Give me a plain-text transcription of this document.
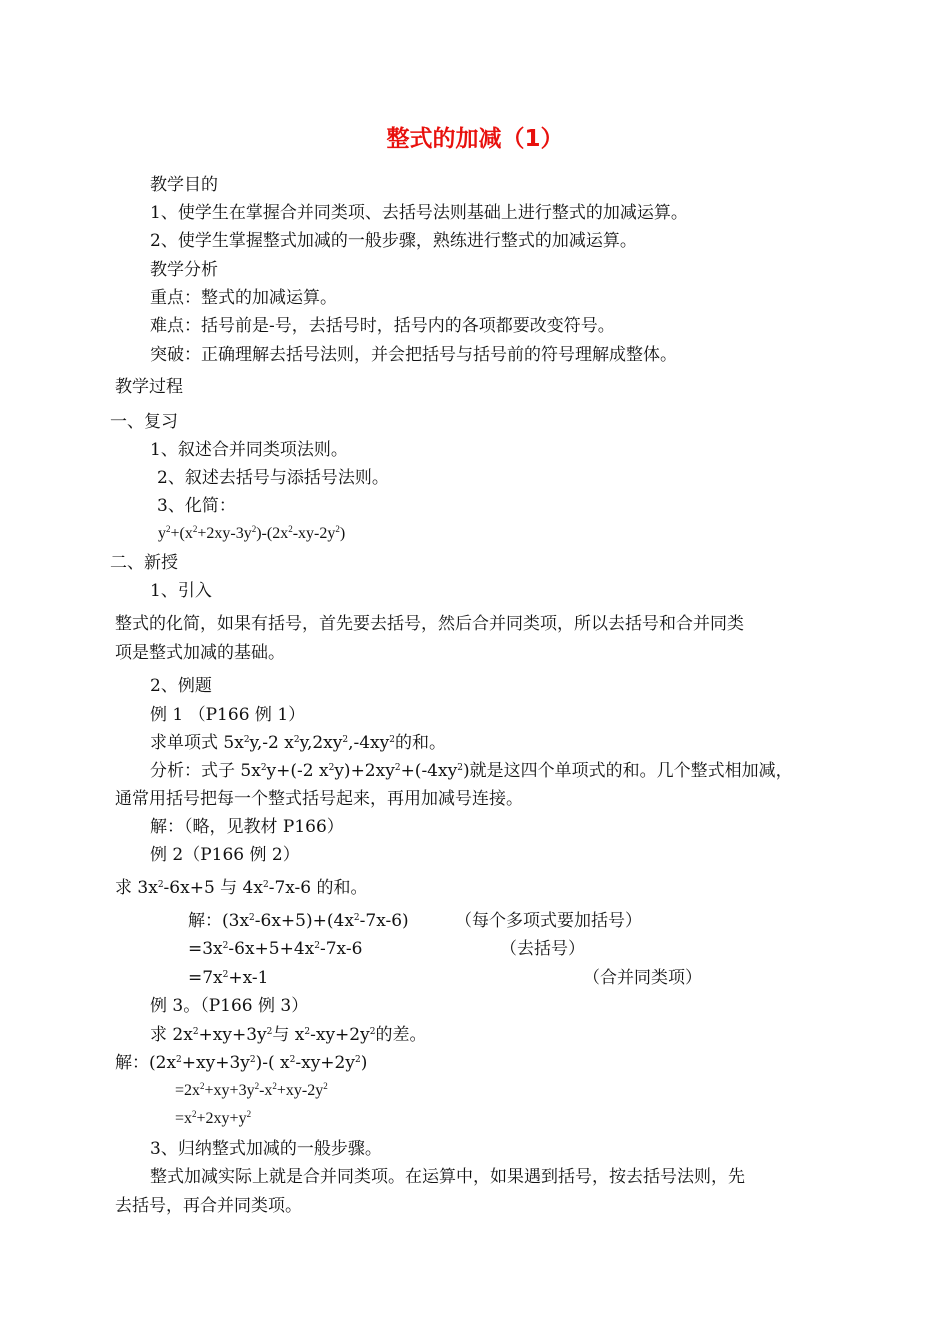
整式的加减（1）
教学目的
1、使学生在掌握合并同类项、去括号法则基础上进行整式的加减运算。
2、使学生掌握整式加减的一般步骤，熟练进行整式的加减运算。
教学分析
重点：整式的加减运算。
难点：括号前是-号，去括号时，括号内的各项都要改变符号。
突破：正确理解去括号法则，并会把括号与括号前的符号理解成整体。
教学过程
一、复习
1、叙述合并同类项法则。
2、叙述去括号与添括号法则。
3、化简：
$y^2+(x^2+2xy-3y^2)-(2x^2-xy-2y^2)$
二、新授
1、引入
整式的化简，如果有括号，首先要去括号，然后合并同类项，所以去括号和合并同类
项是整式加减的基础。
2、例题
例 1 （P166 例 1）
求单项式 $5x^2y,-2$ $x^2y,2xy^2,-4xy^2$的和。
分析：式子 $5x^2y+(-2$ $x^2y)+2xy^2+(-4xy^2)$就是这四个单项式的和。几个整式相加减，
通常用括号把每一个整式括号起来，再用加减号连接。
解：（略，见教材 P166）
例 2（P166 例 2）
求 $3x^2-6x+5$ 与 $4x^2-7x-6$ 的和。
解：$(3x^2-6x+5)+(4x^2-7x-6)$	（每个多项式要加括号）
$=3x^2-6x+5+4x^2-7x-6$	（去括号）
$=7x^2+x-1$	（合并同类项）
例 3。（P166 例 3）
求 $2x^2+xy+3y^2$与 $x^2-xy+2y^2$的差。
解：$(2x^2+xy+3y^2)-$( $x^2-xy+2y^2$)
$=2x^2+xy+3y^2-x^2+xy-2y^2$
$=x^2+2xy+y^2$
3、归纳整式加减的一般步骤。
整式加减实际上就是合并同类项。在运算中，如果遇到括号，按去括号法则，先
去括号，再合并同类项。
